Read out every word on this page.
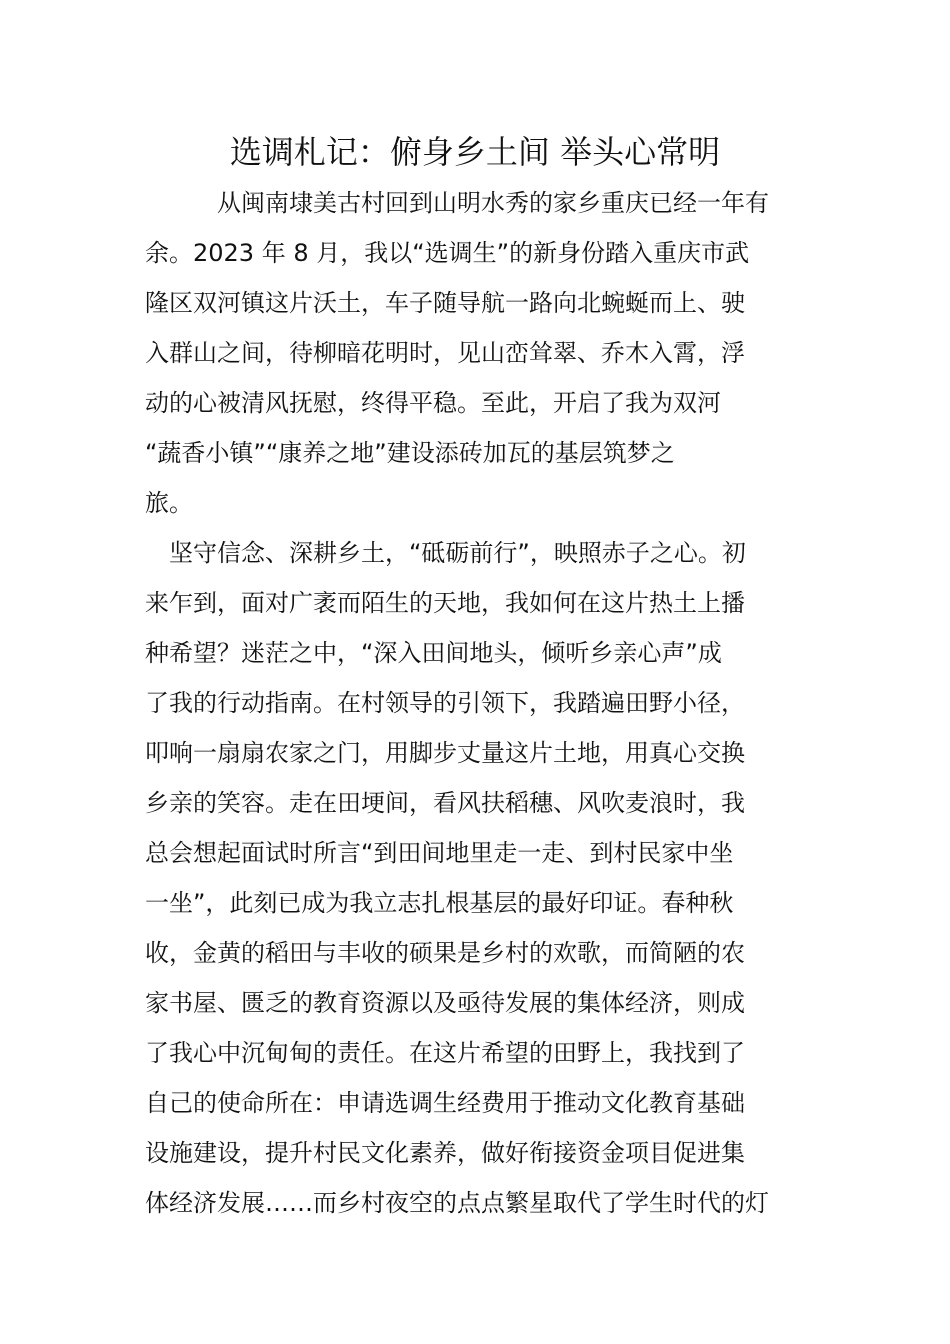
选调札记：俯身乡土间 举头心常明
从闽南埭美古村回到山明水秀的家乡重庆已经一年有
余。2023 年 8 月，我以“选调生”的新身份踏入重庆市武
隆区双河镇这片沃土，车子随导航一路向北蜿蜒而上、驶
入群山之间，待柳暗花明时，见山峦耸翠、乔木入霄，浮
动的心被清风抚慰，终得平稳。至此，开启了我为双河
“蔬香小镇”“康养之地”建设添砖加瓦的基层筑梦之
旅。
坚守信念、深耕乡土，“砥砺前行”，映照赤子之心。初
来乍到，面对广袤而陌生的天地，我如何在这片热土上播
种希望？迷茫之中，“深入田间地头，倾听乡亲心声”成
了我的行动指南。在村领导的引领下，我踏遍田野小径，
叩响一扇扇农家之门，用脚步丈量这片土地，用真心交换
乡亲的笑容。走在田埂间，看风扶稻穗、风吹麦浪时，我
总会想起面试时所言“到田间地里走一走、到村民家中坐
一坐”，此刻已成为我立志扎根基层的最好印证。春种秋
收，金黄的稻田与丰收的硕果是乡村的欢歌，而简陋的农
家书屋、匮乏的教育资源以及亟待发展的集体经济，则成
了我心中沉甸甸的责任。在这片希望的田野上，我找到了
自己的使命所在：申请选调生经费用于推动文化教育基础
设施建设，提升村民文化素养，做好衔接资金项目促进集
体经济发展……而乡村夜空的点点繁星取代了学生时代的灯
